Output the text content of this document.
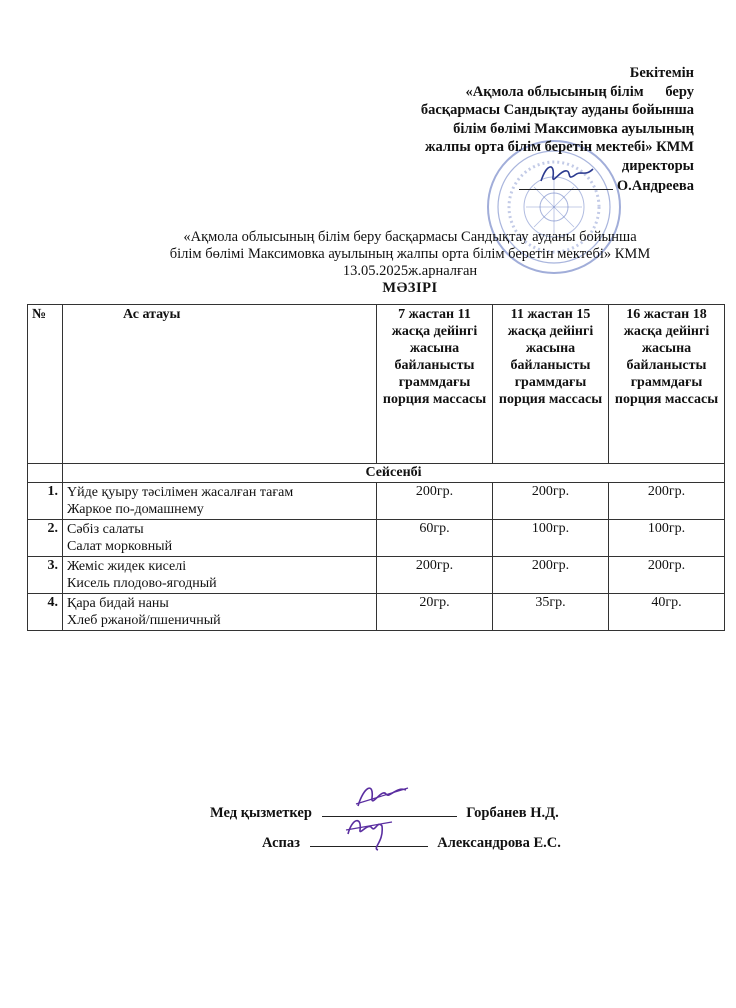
Бекітемін
«Ақмола облысының білім      беру
басқармасы Сандықтау ауданы бойынша
білім бөлімі Максимовка ауылының
жалпы орта білім беретін мектебі» КММ
директоры
О.Андреева
«Ақмола облысының білім беру басқармасы Сандықтау ауданы бойынша
білім бөлімі Максимовка ауылының жалпы орта білім беретін мектебі» КММ
13.05.2025ж.арналған
МӘЗІРІ
№	Ас атауы	7 жастан 11 жасқа дейінгі жасына байланысты граммдағы порция массасы	11 жастан 15 жасқа дейінгі жасына байланысты граммдағы порция массасы	16 жастан 18 жасқа дейінгі жасына байланысты граммдағы порция массасы
	Сейсенбі			
1.	Үйде қуыру тәсілімен жасалған тағам
Жаркое по-домашнему	200гр.	200гр.	200гр.
2.	Сәбіз салаты
Салат морковный	60гр.	100гр.	100гр.
3.	Жеміс жидек киселі
Кисель плодово-ягодный	200гр.	200гр.	200гр.
4.	Қара бидай наны
Хлеб ржаной/пшеничный	20гр.	35гр.	40гр.
Мед қызметкер	Горбанев Н.Д.
Аспаз	Александрова Е.С.
